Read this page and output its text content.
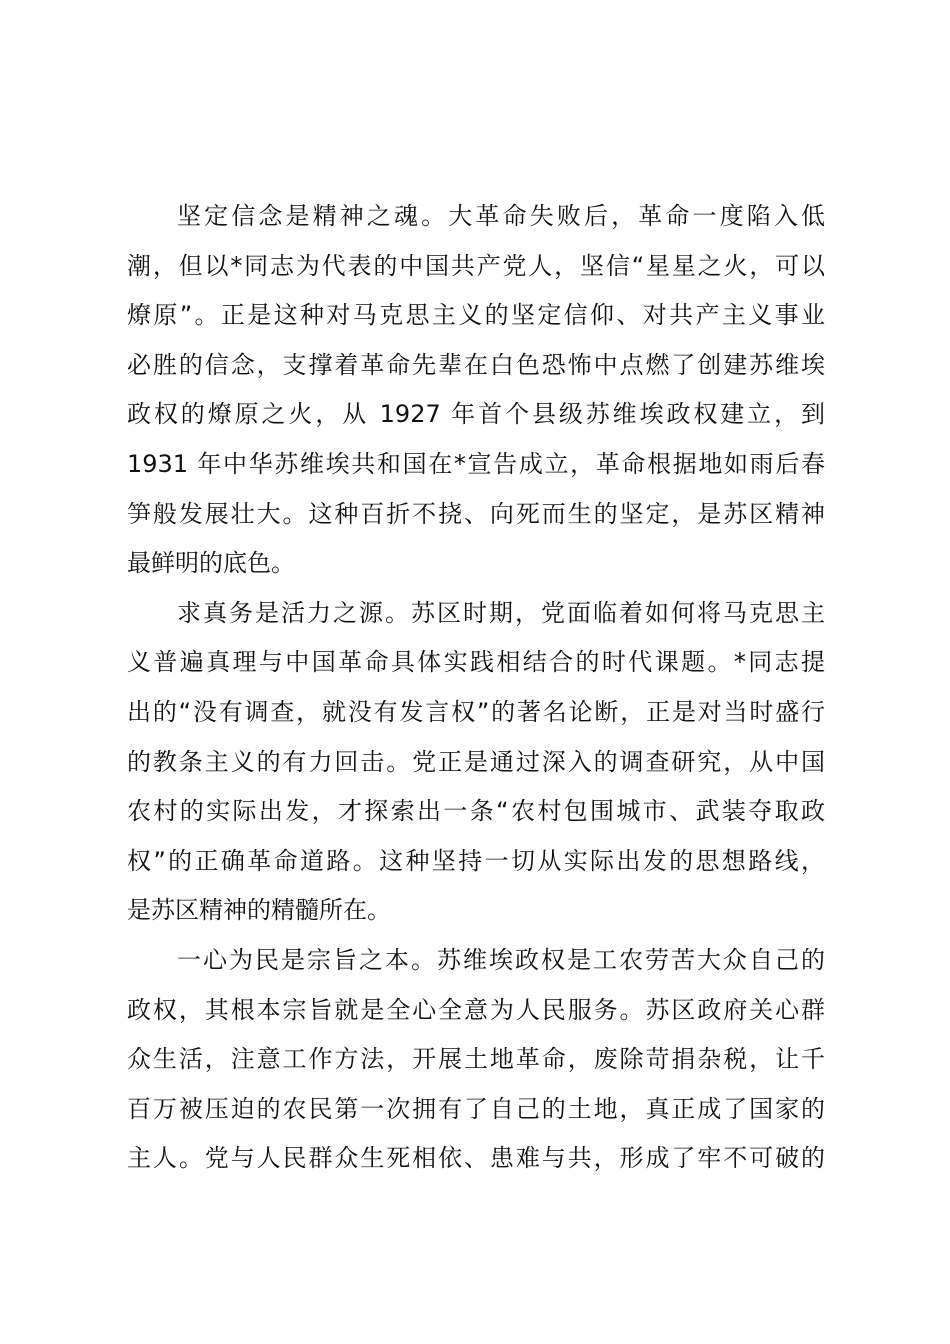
坚定信念是精神之魂。大革命失败后，革命一度陷入低
潮，但以*同志为代表的中国共产党人，坚信“星星之火，可以
燎原”。正是这种对马克思主义的坚定信仰、对共产主义事业
必胜的信念，支撑着革命先辈在白色恐怖中点燃了创建苏维埃
政权的燎原之火，从 1927 年首个县级苏维埃政权建立，到
1931 年中华苏维埃共和国在*宣告成立，革命根据地如雨后春
笋般发展壮大。这种百折不挠、向死而生的坚定，是苏区精神
最鲜明的底色。
求真务是活力之源。苏区时期，党面临着如何将马克思主
义普遍真理与中国革命具体实践相结合的时代课题。*同志提
出的“没有调查，就没有发言权”的著名论断，正是对当时盛行
的教条主义的有力回击。党正是通过深入的调查研究，从中国
农村的实际出发，才探索出一条“农村包围城市、武装夺取政
权”的正确革命道路。这种坚持一切从实际出发的思想路线，
是苏区精神的精髓所在。
一心为民是宗旨之本。苏维埃政权是工农劳苦大众自己的
政权，其根本宗旨就是全心全意为人民服务。苏区政府关心群
众生活，注意工作方法，开展土地革命，废除苛捐杂税，让千
百万被压迫的农民第一次拥有了自己的土地，真正成了国家的
主人。党与人民群众生死相依、患难与共，形成了牢不可破的
